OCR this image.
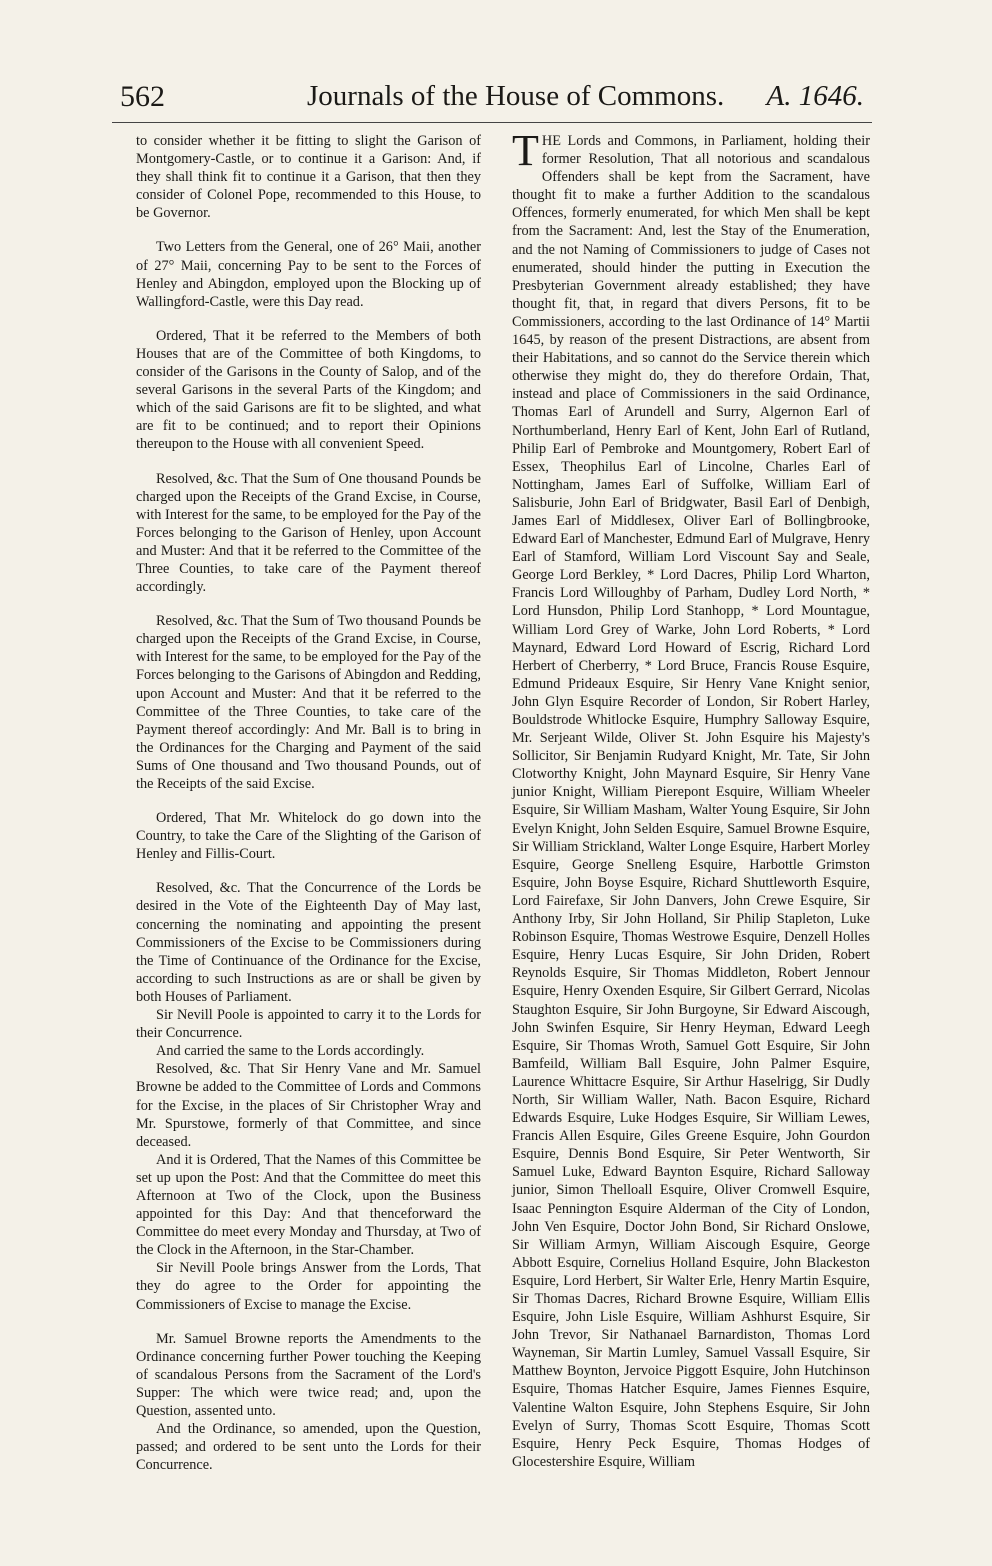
562	Journals of the House of Commons. A. 1646.

to consider whether it be fitting to slight the Garison of Montgomery-Castle, or to continue it a Garison: And, if they shall think fit to continue it a Garison, that then they consider of Colonel Pope, recommended to this House, to be Governor.

Two Letters from the General, one of 26° Maii, another of 27° Maii, concerning Pay to be sent to the Forces of Henley and Abingdon, employed upon the Blocking up of Wallingford-Castle, were this Day read.

Ordered, That it be referred to the Members of both Houses that are of the Committee of both Kingdoms, to consider of the Garisons in the County of Salop, and of the several Garisons in the several Parts of the Kingdom; and which of the said Garisons are fit to be slighted, and what are fit to be continued; and to report their Opinions thereupon to the House with all convenient Speed.

Resolved, &c. That the Sum of One thousand Pounds be charged upon the Receipts of the Grand Excise, in Course, with Interest for the same, to be employed for the Pay of the Forces belonging to the Garison of Henley, upon Account and Muster: And that it be referred to the Committee of the Three Counties, to take care of the Payment thereof accordingly.

Resolved, &c. That the Sum of Two thousand Pounds be charged upon the Receipts of the Grand Excise, in Course, with Interest for the same, to be employed for the Pay of the Forces belonging to the Garisons of Abingdon and Redding, upon Account and Muster: And that it be referred to the Committee of the Three Counties, to take care of the Payment thereof accordingly: And Mr. Ball is to bring in the Ordinances for the Charging and Payment of the said Sums of One thousand and Two thousand Pounds, out of the Receipts of the said Excise.

Ordered, That Mr. Whitelock do go down into the Country, to take the Care of the Slighting of the Garison of Henley and Fillis-Court.

Resolved, &c. That the Concurrence of the Lords be desired in the Vote of the Eighteenth Day of May last, concerning the nominating and appointing the present Commissioners of the Excise to be Commissioners during the Time of Continuance of the Ordinance for the Excise, according to such Instructions as are or shall be given by both Houses of Parliament.

Sir Nevill Poole is appointed to carry it to the Lords for their Concurrence.

And carried the same to the Lords accordingly.

Resolved, &c. That Sir Henry Vane and Mr. Samuel Browne be added to the Committee of Lords and Commons for the Excise, in the places of Sir Christopher Wray and Mr. Spurstowe, formerly of that Committee, and since deceased.

And it is Ordered, That the Names of this Committee be set up upon the Post: And that the Committee do meet this Afternoon at Two of the Clock, upon the Business appointed for this Day: And that thenceforward the Committee do meet every Monday and Thursday, at Two of the Clock in the Afternoon, in the Star-Chamber.

Sir Nevill Poole brings Answer from the Lords, That they do agree to the Order for appointing the Commissioners of Excise to manage the Excise.

Mr. Samuel Browne reports the Amendments to the Ordinance concerning further Power touching the Keeping of scandalous Persons from the Sacrament of the Lord's Supper: The which were twice read; and, upon the Question, assented unto.

And the Ordinance, so amended, upon the Question, passed; and ordered to be sent unto the Lords for their Concurrence.

THE Lords and Commons, in Parliament, holding their former Resolution, That all notorious and scandalous Offenders shall be kept from the Sacrament, have thought fit to make a further Addition to the scandalous Offences, formerly enumerated, for which Men shall be kept from the Sacrament: And, lest the Stay of the Enumeration, and the not Naming of Commissioners to judge of Cases not enumerated, should hinder the putting in Execution the Presbyterian Government already established; they have thought fit, that, in regard that divers Persons, fit to be Commissioners, according to the last Ordinance of 14° Martii 1645, by reason of the present Distractions, are absent from their Habitations, and so cannot do the Service therein which otherwise they might do, they do therefore Ordain, That, instead and place of Commissioners in the said Ordinance, Thomas Earl of Arundell and Surry, Algernon Earl of Northumberland, Henry Earl of Kent, John Earl of Rutland, Philip Earl of Pembroke and Mountgomery, Robert Earl of Essex, Theophilus Earl of Lincolne, Charles Earl of Nottingham, James Earl of Suffolke, William Earl of Salisburie, John Earl of Bridgwater, Basil Earl of Denbigh, James Earl of Middlesex, Oliver Earl of Bollingbrooke, Edward Earl of Manchester, Edmund Earl of Mulgrave, Henry Earl of Stamford, William Lord Viscount Say and Seale, George Lord Berkley, * Lord Dacres, Philip Lord Wharton, Francis Lord Willoughby of Parham, Dudley Lord North, * Lord Hunsdon, Philip Lord Stanhopp, * Lord Mountague, William Lord Grey of Warke, John Lord Roberts, * Lord Maynard, Edward Lord Howard of Escrig, Richard Lord Herbert of Cherberry, * Lord Bruce, Francis Rouse Esquire, Edmund Prideaux Esquire, Sir Henry Vane Knight senior, John Glyn Esquire Recorder of London, Sir Robert Harley, Bouldstrode Whitlocke Esquire, Humphry Salloway Esquire, Mr. Serjeant Wilde, Oliver St. John Esquire his Majesty's Sollicitor, Sir Benjamin Rudyard Knight, Mr. Tate, Sir John Clotworthy Knight, John Maynard Esquire, Sir Henry Vane junior Knight, William Pierepont Esquire, William Wheeler Esquire, Sir William Masham, Walter Young Esquire, Sir John Evelyn Knight, John Selden Esquire, Samuel Browne Esquire, Sir William Strickland, Walter Longe Esquire, Harbert Morley Esquire, George Snelleng Esquire, Harbottle Grimston Esquire, John Boyse Esquire, Richard Shuttleworth Esquire, Lord Fairefaxe, Sir John Danvers, John Crewe Esquire, Sir Anthony Irby, Sir John Holland, Sir Philip Stapleton, Luke Robinson Esquire, Thomas Westrowe Esquire, Denzell Holles Esquire, Henry Lucas Esquire, Sir John Driden, Robert Reynolds Esquire, Sir Thomas Middleton, Robert Jennour Esquire, Henry Oxenden Esquire, Sir Gilbert Gerrard, Nicolas Staughton Esquire, Sir John Burgoyne, Sir Edward Aiscough, John Swinfen Esquire, Sir Henry Heyman, Edward Leegh Esquire, Sir Thomas Wroth, Samuel Gott Esquire, Sir John Bamfeild, William Ball Esquire, John Palmer Esquire, Laurence Whittacre Esquire, Sir Arthur Haselrigg, Sir Dudly North, Sir William Waller, Nath. Bacon Esquire, Richard Edwards Esquire, Luke Hodges Esquire, Sir William Lewes, Francis Allen Esquire, Giles Greene Esquire, John Gourdon Esquire, Dennis Bond Esquire, Sir Peter Wentworth, Sir Samuel Luke, Edward Baynton Esquire, Richard Salloway junior, Simon Thelloall Esquire, Oliver Cromwell Esquire, Isaac Pennington Esquire Alderman of the City of London, John Ven Esquire, Doctor John Bond, Sir Richard Onslowe, Sir William Armyn, William Aiscough Esquire, George Abbott Esquire, Cornelius Holland Esquire, John Blackeston Esquire, Lord Herbert, Sir Walter Erle, Henry Martin Esquire, Sir Thomas Dacres, Richard Browne Esquire, William Ellis Esquire, John Lisle Esquire, William Ashhurst Esquire, Sir John Trevor, Sir Nathanael Barnardiston, Thomas Lord Wayneman, Sir Martin Lumley, Samuel Vassall Esquire, Sir Matthew Boynton, Jervoice Piggott Esquire, John Hutchinson Esquire, Thomas Hatcher Esquire, James Fiennes Esquire, Valentine Walton Esquire, John Stephens Esquire, Sir John Evelyn of Surry, Thomas Scott Esquire, Thomas Scott Esquire, Henry Peck Esquire, Thomas Hodges of Glocestershire Esquire, William
